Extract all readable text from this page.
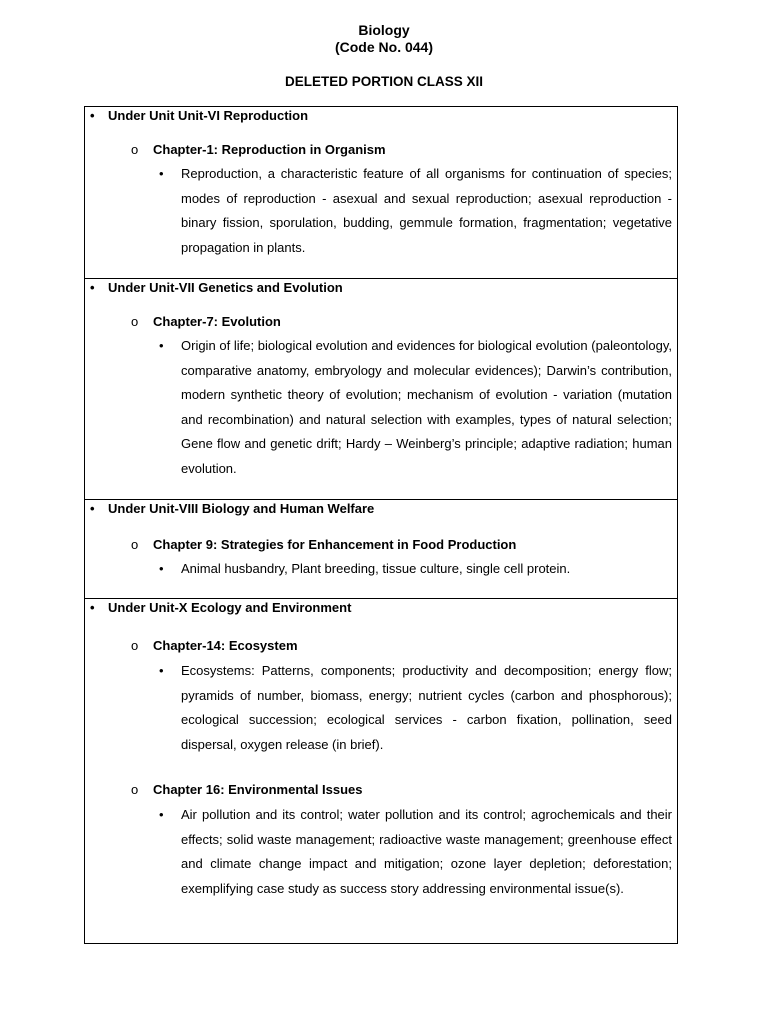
Biology
(Code No. 044)
DELETED PORTION CLASS XII
•	Under Unit Unit-VI Reproduction
o Chapter-1: Reproduction in Organism
• Reproduction, a characteristic feature of all organisms for continuation of species; modes of reproduction - asexual and sexual reproduction; asexual reproduction - binary fission, sporulation, budding, gemmule formation, fragmentation; vegetative propagation in plants.
•	Under Unit-VII Genetics and Evolution
o Chapter-7: Evolution
• Origin of life; biological evolution and evidences for biological evolution (paleontology, comparative anatomy, embryology and molecular evidences); Darwin’s contribution, modern synthetic theory of evolution; mechanism of evolution - variation (mutation and recombination) and natural selection with examples, types of natural selection; Gene flow and genetic drift; Hardy – Weinberg’s principle; adaptive radiation; human evolution.
•	Under Unit-VIII Biology and Human Welfare
o Chapter 9: Strategies for Enhancement in Food Production
• Animal husbandry, Plant breeding, tissue culture, single cell protein.
•	Under Unit-X Ecology and Environment
o Chapter-14: Ecosystem
• Ecosystems: Patterns, components; productivity and decomposition; energy flow; pyramids of number, biomass, energy; nutrient cycles (carbon and phosphorous); ecological succession; ecological services - carbon fixation, pollination, seed dispersal, oxygen release (in brief).
o Chapter 16: Environmental Issues
• Air pollution and its control; water pollution and its control; agrochemicals and their effects; solid waste management; radioactive waste management; greenhouse effect and climate change impact and mitigation; ozone layer depletion; deforestation; exemplifying case study as success story addressing environmental issue(s).
